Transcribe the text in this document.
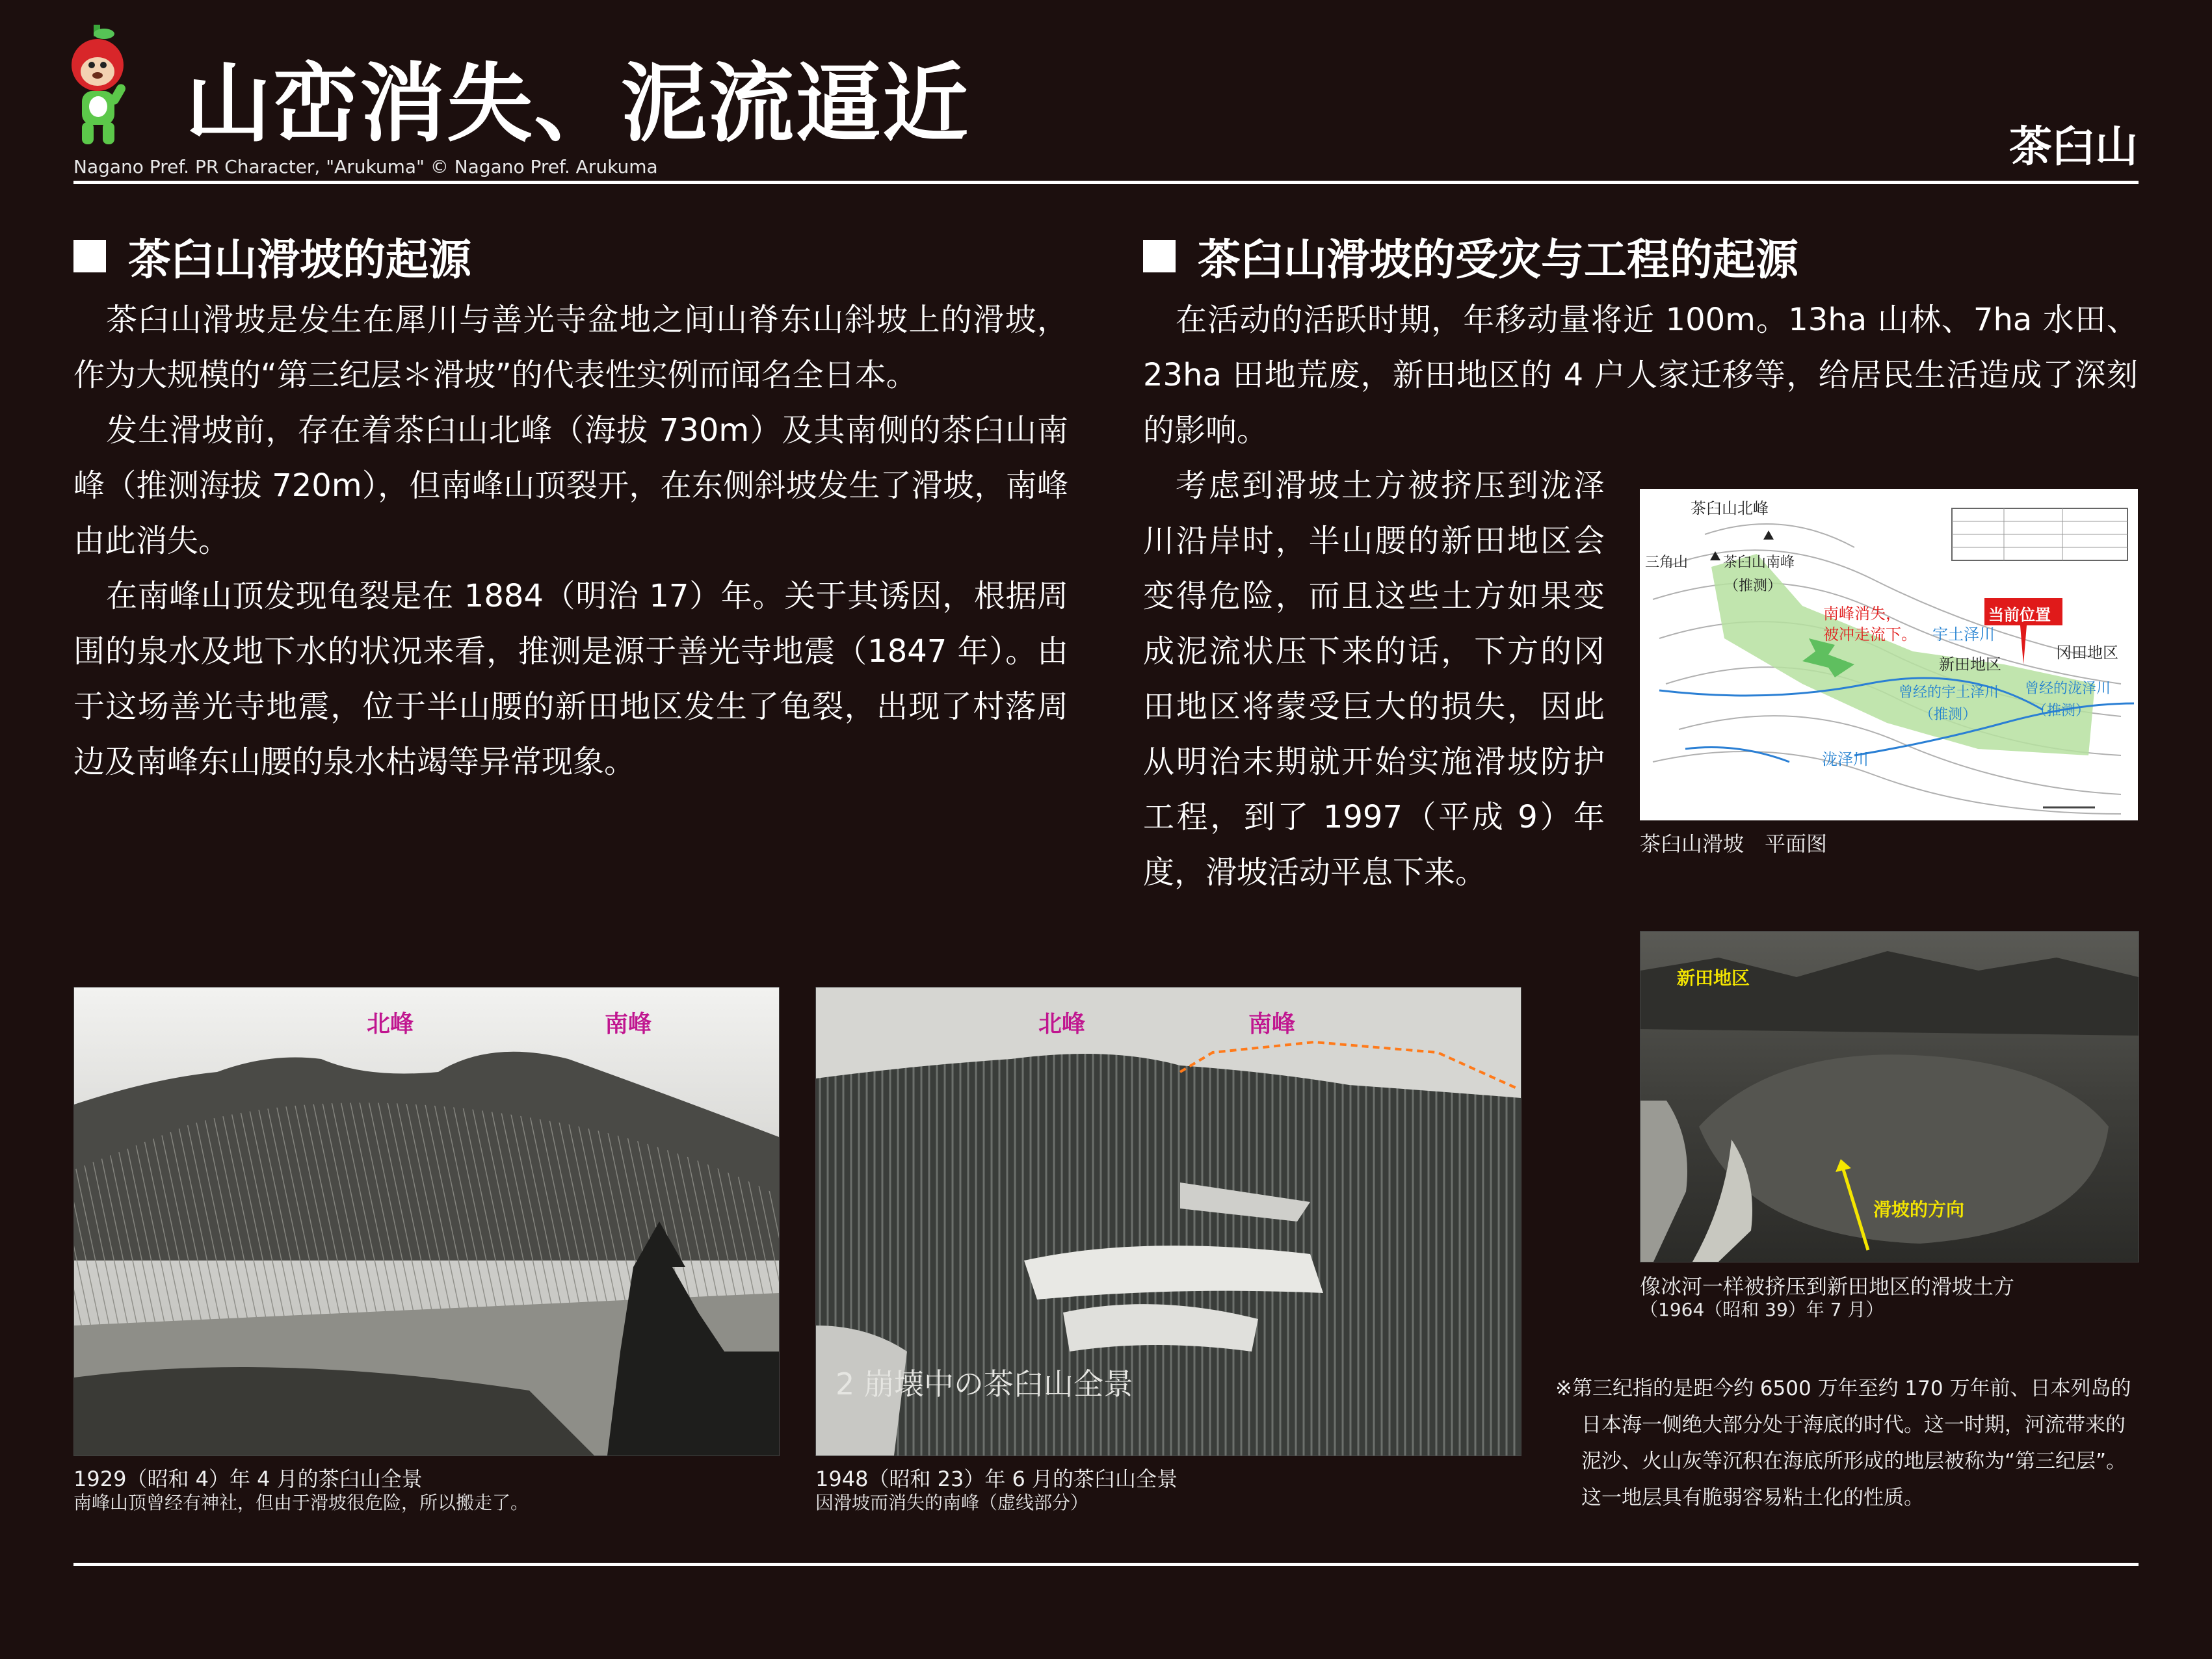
山峦消失、泥流逼近
Nagano Pref. PR Character, "Arukuma" © Nagano Pref. Arukuma	茶臼山
茶臼山滑坡的起源

茶臼山滑坡是发生在犀川与善光寺盆地之间山脊东山斜坡上的滑坡，作为大规模的“第三纪层＊滑坡”的代表性实例而闻名全日本。

发生滑坡前，存在着茶臼山北峰（海拔 730m）及其南侧的茶臼山南峰（推测海拔 720m），但南峰山顶裂开，在东侧斜坡发生了滑坡，南峰由此消失。

在南峰山顶发现龟裂是在 1884（明治 17）年。关于其诱因，根据周围的泉水及地下水的状况来看，推测是源于善光寺地震（1847 年）。由于这场善光寺地震，位于半山腰的新田地区发生了龟裂，出现了村落周边及南峰东山腰的泉水枯竭等异常现象。

茶臼山滑坡的受灾与工程的起源

在活动的活跃时期，年移动量将近 100m。13ha 山林、7ha 水田、23ha 田地荒废，新田地区的 4 户人家迁移等，给居民生活造成了深刻的影响。

考虑到滑坡土方被挤压到泷泽川沿岸时，半山腰的新田地区会变得危险，而且这些土方如果变成泥流状压下来的话，下方的冈田地区将蒙受巨大的损失，因此从明治末期就开始实施滑坡防护工程，到了 1997（平成 9）年度，滑坡活动平息下来。

茶臼山北峰
三角山 茶臼山南峰
（推测）
南峰消失，
被冲走流下。
当前位置
宇土泽川
新田地区
冈田地区
曾经的宇土泽川
（推测）
曾经的泷泽川
（推测）
泷泽川
茶臼山滑坡　平面图
新田地区
滑坡的方向
像冰河一样被挤压到新田地区的滑坡土方
（1964（昭和 39）年 7 月）
北峰	南峰
1929（昭和 4）年 4 月的茶臼山全景
南峰山顶曾经有神社，但由于滑坡很危险，所以搬走了。
北峰	南峰
2 崩壊中の茶臼山全景
1948（昭和 23）年 6 月的茶臼山全景
因滑坡而消失的南峰（虚线部分）

※第三纪指的是距今约 6500 万年至约 170 万年前、日本列岛的日本海一侧绝大部分处于海底的时代。这一时期，河流带来的泥沙、火山灰等沉积在海底所形成的地层被称为“第三纪层”。这一地层具有脆弱容易粘土化的性质。
